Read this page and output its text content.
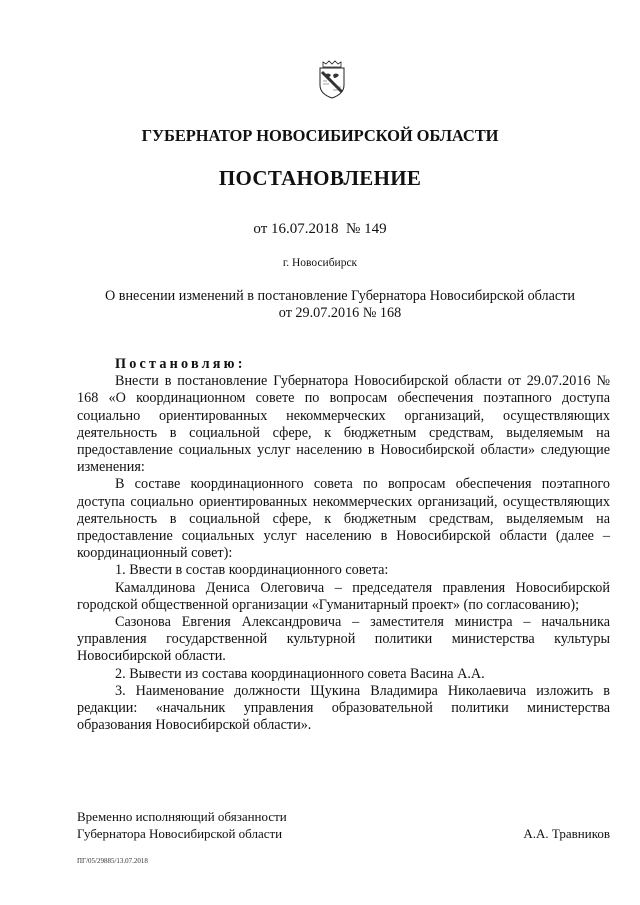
ГУБЕРНАТОР НОВОСИБИРСКОЙ ОБЛАСТИ
ПОСТАНОВЛЕНИЕ
от 16.07.2018 № 149
г. Новосибирск
О внесении изменений в постановление Губернатора Новосибирской области
от 29.07.2016 № 168

Постановляю:

Внести в постановление Губернатора Новосибирской области от 29.07.2016 № 168 «О координационном совете по вопросам обеспечения поэтапного доступа социально ориентированных некоммерческих организаций, осуществляющих деятельность в социальной сфере, к бюджетным средствам, выделяемым на предоставление социальных услуг населению в Новосибирской области» следующие изменения:

В составе координационного совета по вопросам обеспечения поэтапного доступа социально ориентированных некоммерческих организаций, осуществляющих деятельность в социальной сфере, к бюджетным средствам, выделяемым на предоставление социальных услуг населению в Новосибирской области (далее – координационный совет):

1. Ввести в состав координационного совета:

Камалдинова Дениса Олеговича – председателя правления Новосибирской городской общественной организации «Гуманитарный проект» (по согласованию);

Сазонова Евгения Александровича – заместителя министра – начальника управления государственной культурной политики министерства культуры Новосибирской области.

2. Вывести из состава координационного совета Васина А.А.

3. Наименование должности Щукина Владимира Николаевича изложить в редакции: «начальник управления образовательной политики министерства образования Новосибирской области».

Временно исполняющий обязанности
Губернатора Новосибирской области	А.А. Травников
ПГ/05/29885/13.07.2018
